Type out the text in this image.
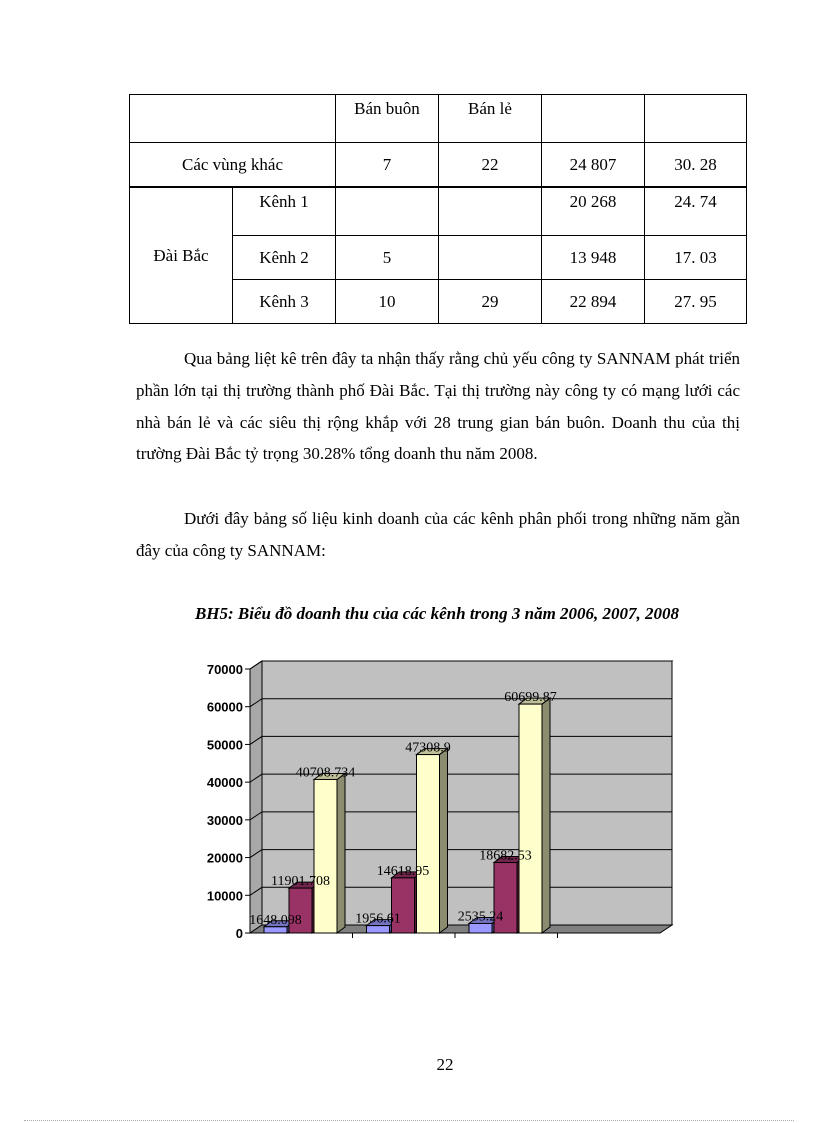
		Bán buôn	Bán lẻ		
Các vùng khác		7	22	24 807	30. 28
Đài Bắc	Kênh 1			20 268	24. 74
	Kênh 2	5		13 948	17. 03
	Kênh 3	10	29	22 894	27. 95

Qua bảng liệt kê trên đây ta nhận thấy rằng chủ yếu công ty SANNAM phát triển phần lớn tại thị trường thành phố Đài Bắc. Tại thị trường này công ty có mạng lưới các nhà bán lẻ và các siêu thị rộng khắp với 28 trung gian bán buôn. Doanh thu của thị trường Đài Bắc tỷ trọng 30.28% tổng doanh thu năm 2008.

Dưới đây bảng số liệu kinh doanh của các kênh phân phối trong những năm gần đây của công ty SANNAM:

BH5: Biểu đồ doanh thu của các kênh trong 3 năm 2006, 2007, 2008
0
10000
20000
30000
40000
50000
60000
70000
1648.098
11901.708
40708.734
1956.61
14618.95
47308.9
2535.24
18682.53
60699.87
22
